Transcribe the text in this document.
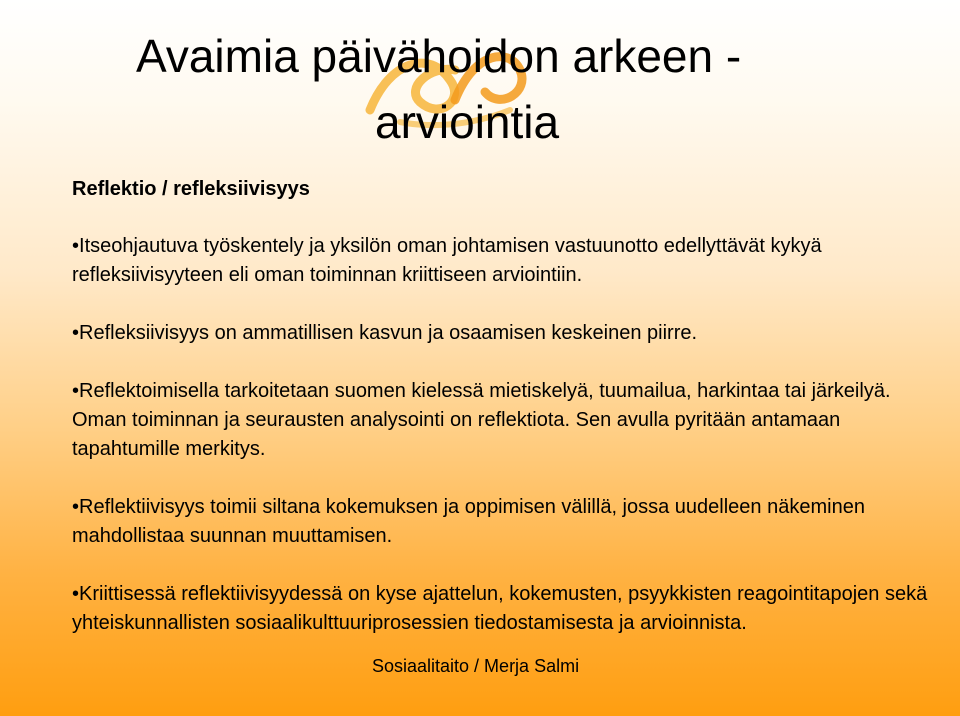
Avaimia päivähoidon arkeen -
arviointia
Reflektio / refleksiivisyys
• Itseohjautuva työskentely ja yksilön oman johtamisen vastuunotto edellyttävät kykyä refleksiivisyyteen eli oman toiminnan kriittiseen arviointiin.
• Refleksiivisyys on ammatillisen kasvun ja osaamisen keskeinen piirre.
• Reflektoimisella tarkoitetaan suomen kielessä mietiskelyä, tuumailua, harkintaa tai järkeilyä. Oman toiminnan ja seurausten analysointi on reflektiota. Sen avulla pyritään antamaan tapahtumille merkitys.
• Reflektiivisyys toimii siltana kokemuksen ja oppimisen välillä, jossa uudelleen näkeminen mahdollistaa suunnan muuttamisen.
• Kriittisessä reflektiivisyydessä on kyse ajattelun, kokemusten, psyykkisten reagointitapojen sekä yhteiskunnallisten sosiaalikulttuuriprosessien tiedostamisesta ja arvioinnista.
Sosiaalitaito / Merja Salmi
